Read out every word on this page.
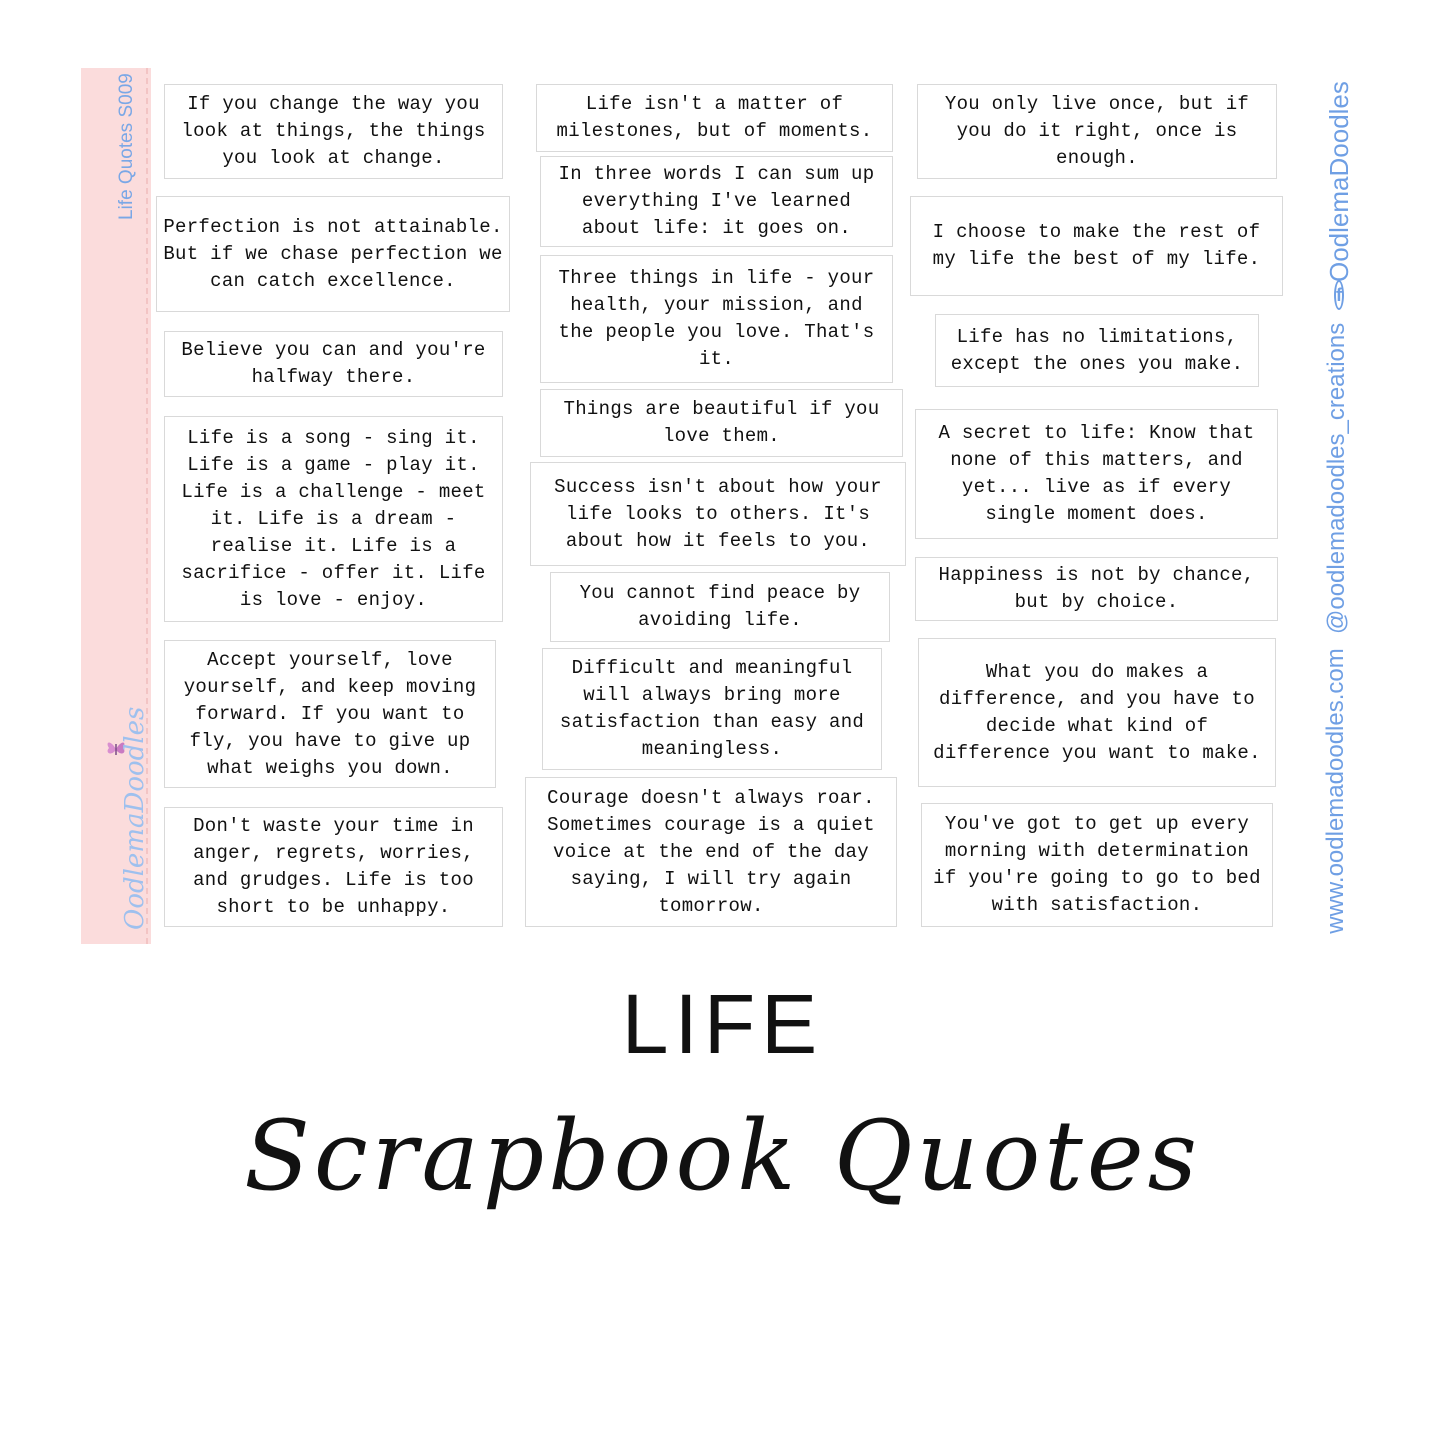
Life Quotes S009
OodlemaDoodles
If you change the way you look at things, the things you look at change.
Perfection is not attainable. But if we chase perfection we can catch excellence.
Believe you can and you're halfway there.
Life is a song - sing it. Life is a game - play it. Life is a challenge - meet it. Life is a dream - realise it. Life is a sacrifice - offer it. Life is love - enjoy.
Accept yourself, love yourself, and keep moving forward. If you want to fly, you have to give up what weighs you down.
Don't waste your time in anger, regrets, worries, and grudges. Life is too short to be unhappy.
Life isn't a matter of milestones, but of moments.
In three words I can sum up everything I've learned about life: it goes on.
Three things in life - your health, your mission, and the people you love. That's it.
Things are beautiful if you love them.
Success isn't about how your life looks to others. It's about how it feels to you.
You cannot find peace by avoiding life.
Difficult and meaningful will always bring more satisfaction than easy and meaningless.
Courage doesn't always roar. Sometimes courage is a quiet voice at the end of the day saying, I will try again tomorrow.
You only live once, but if you do it right, once is enough.
I choose to make the rest of my life the best of my life.
Life has no limitations, except the ones you make.
A secret to life: Know that none of this matters, and yet... live as if every single moment does.
Happiness is not by chance, but by choice.
What you do makes a difference, and you have to decide what kind of difference you want to make.
You've got to get up every morning with determination if you're going to go to bed with satisfaction.
f
OodlemaDoodles
@oodlemadoodles_creations
www.oodlemadoodles.com
LIFE
Scrapbook Quotes
